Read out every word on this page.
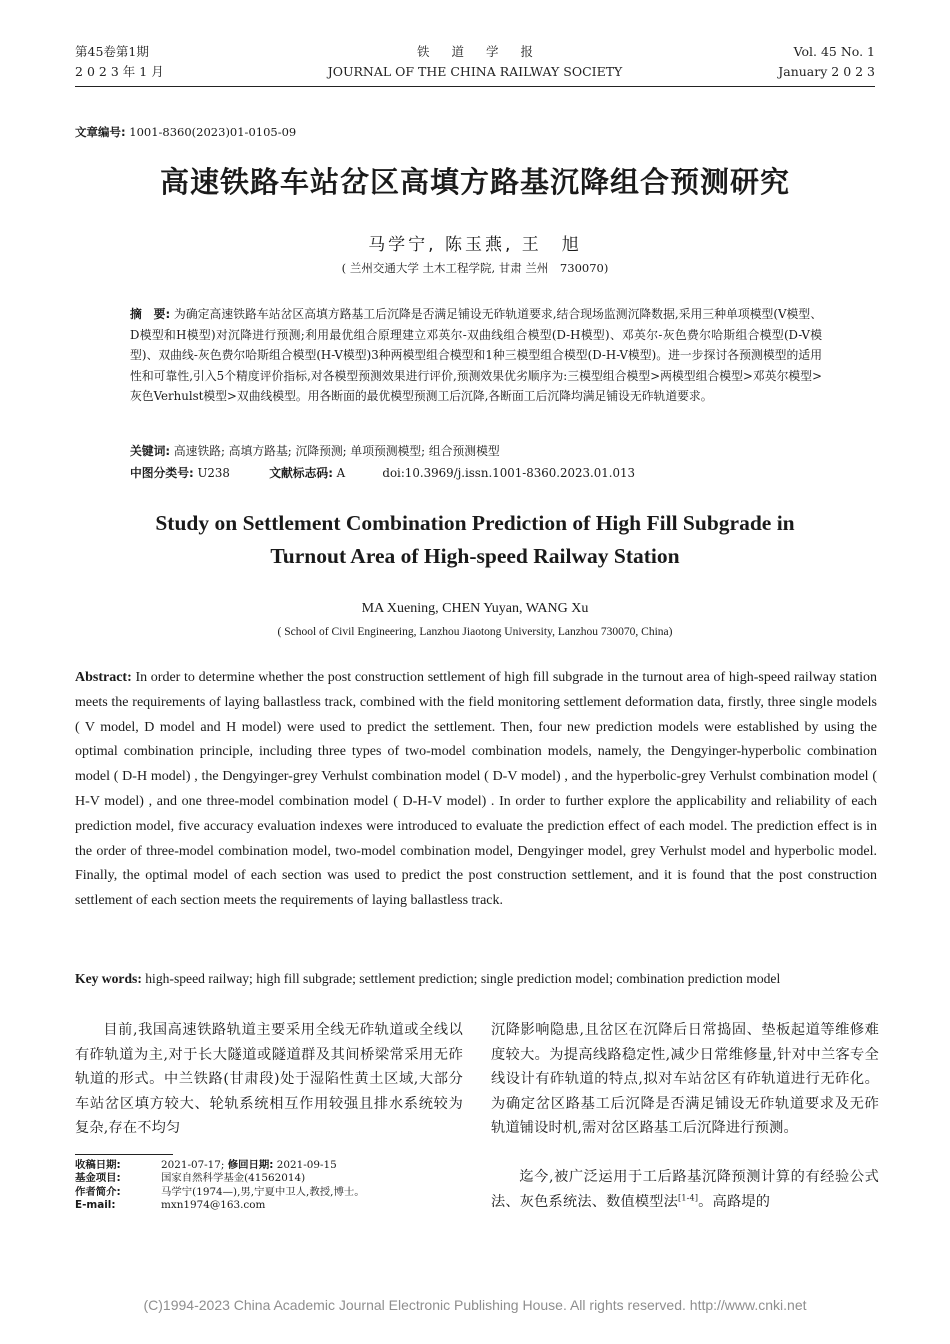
第45卷第1期
2023年1月
铁道学报
JOURNAL OF THE CHINA RAILWAY SOCIETY
Vol. 45 No. 1
January 2 0 2 3
文章编号: 1001-8360(2023)01-0105-09
高速铁路车站岔区高填方路基沉降组合预测研究
马学宁, 陈玉燕, 王　旭
( 兰州交通大学 土木工程学院, 甘肃 兰州　730070)
摘　要: 为确定高速铁路车站岔区高填方路基工后沉降是否满足铺设无砟轨道要求,结合现场监测沉降数据,采用三种单项模型(V模型、D模型和H模型)对沉降进行预测;利用最优组合原理建立邓英尔-双曲线组合模型(D-H模型)、邓英尔-灰色费尔哈斯组合模型(D-V模型)、双曲线-灰色费尔哈斯组合模型(H-V模型)3种两模型组合模型和1种三模型组合模型(D-H-V模型)。进一步探讨各预测模型的适用性和可靠性,引入5个精度评价指标,对各模型预测效果进行评价,预测效果优劣顺序为:三模型组合模型>两模型组合模型>邓英尔模型>灰色Verhulst模型>双曲线模型。用各断面的最优模型预测工后沉降,各断面工后沉降均满足铺设无砟轨道要求。
关键词: 高速铁路; 高填方路基; 沉降预测; 单项预测模型; 组合预测模型
中图分类号: U238	文献标志码: A	doi:10.3969/j.issn.1001-8360.2023.01.013
Study on Settlement Combination Prediction of High Fill Subgrade in
Turnout Area of High-speed Railway Station
MA Xuening, CHEN Yuyan, WANG Xu
( School of Civil Engineering, Lanzhou Jiaotong University, Lanzhou 730070, China)
Abstract: In order to determine whether the post construction settlement of high fill subgrade in the turnout area of high-speed railway station meets the requirements of laying ballastless track, combined with the field monitoring settlement deformation data, firstly, three single models ( V model, D model and H model) were used to predict the settlement. Then, four new prediction models were established by using the optimal combination principle, including three types of two-model combination models, namely, the Dengyinger-hyperbolic combination model ( D-H model) , the Dengyinger-grey Verhulst combination model ( D-V model) , and the hyperbolic-grey Verhulst combination model ( H-V model) , and one three-model combination model ( D-H-V model) . In order to further explore the applicability and reliability of each prediction model, five accuracy evaluation indexes were introduced to evaluate the prediction effect of each model. The prediction effect is in the order of three-model combination model, two-model combination model, Dengyinger model, grey Verhulst model and hyperbolic model. Finally, the optimal model of each section was used to predict the post construction settlement, and it is found that the post construction settlement of each section meets the requirements of laying ballastless track.
Key words: high-speed railway; high fill subgrade; settlement prediction; single prediction model; combination prediction model
目前,我国高速铁路轨道主要采用全线无砟轨道或全线以有砟轨道为主,对于长大隧道或隧道群及其间桥梁常采用无砟轨道的形式。中兰铁路(甘肃段)处于湿陷性黄土区域,大部分车站岔区填方较大、轮轨系统相互作用较强且排水系统较为复杂,存在不均匀
收稿日期:	2021-07-17;
修回日期:
2021-09-15
基金项目:	国家自然科学基金(41562014)
作者简介:	马学宁(1974—),男,宁夏中卫人,教授,博士。
E-mail:	mxn1974@163.com
沉降影响隐患,且岔区在沉降后日常捣固、垫板起道等维修难度较大。为提高线路稳定性,减少日常维修量,针对中兰客专全线设计有砟轨道的特点,拟对车站岔区有砟轨道进行无砟化。为确定岔区路基工后沉降是否满足铺设无砟轨道要求及无砟轨道铺设时机,需对岔区路基工后沉降进行预测。
迄今,被广泛运用于工后路基沉降预测计算的有经验公式法、灰色系统法、数值模型法[1-4]。高路堤的
(C)1994-2023 China Academic Journal Electronic Publishing House. All rights reserved. http://www.cnki.net
